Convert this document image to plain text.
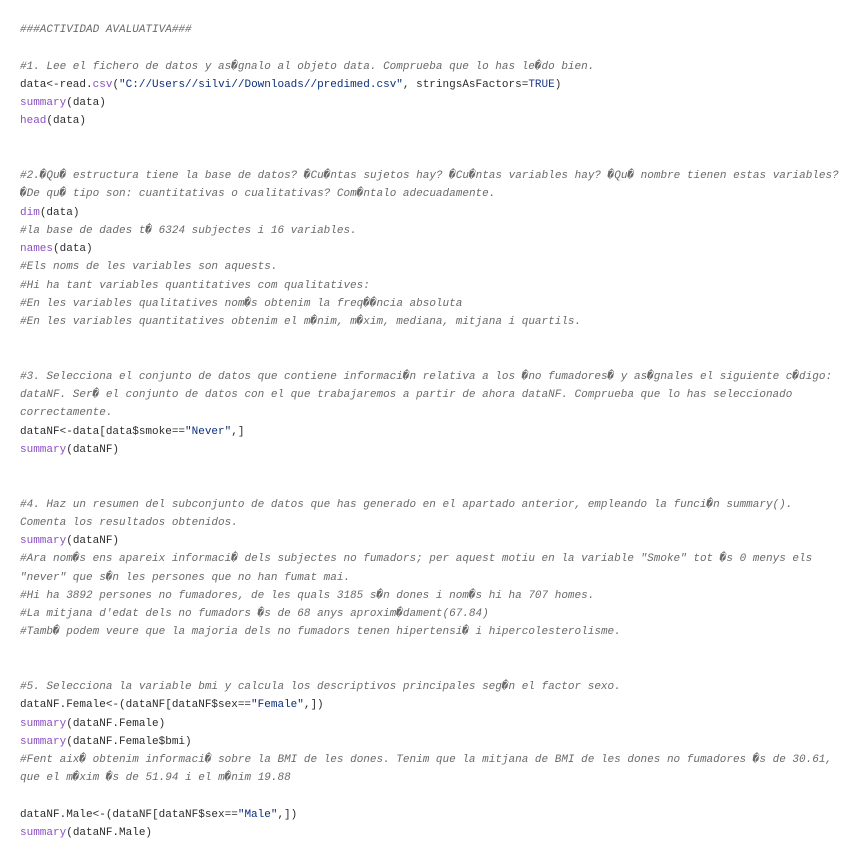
###ACTIVIDAD AVALUATIVA###
#1. Lee el fichero de datos y as�gnalo al objeto data. Comprueba que lo has le�do bien.
data<-read.csv("C://Users//silvi//Downloads//predimed.csv", stringsAsFactors=TRUE)
summary(data)
head(data)
#2.�Qu� estructura tiene la base de datos? �Cu�ntas sujetos hay? �Cu�ntas variables hay? �Qu� nombre tienen estas variables? �De qu� tipo son: cuantitativas o cualitativas? Com�ntalo adecuadamente.
dim(data)
#la base de dades t� 6324 subjectes i 16 variables.
names(data)
#Els noms de les variables son aquests.
#Hi ha tant variables quantitatives com qualitatives:
#En les variables qualitatives nom�s obtenim la freq��ncia absoluta
#En les variables quantitatives obtenim el m�nim, m�xim, mediana, mitjana i quartils.
#3. Selecciona el conjunto de datos que contiene informaci�n relativa a los �no fumadores� y as�gnales el siguiente c�digo: dataNF. Ser� el conjunto de datos con el que trabajaremos a partir de ahora dataNF. Comprueba que lo has seleccionado correctamente.
dataNF<-data[data$smoke=="Never",]
summary(dataNF)
#4. Haz un resumen del subconjunto de datos que has generado en el apartado anterior, empleando la funci�n summary(). Comenta los resultados obtenidos.
summary(dataNF)
#Ara nom�s ens apareix informaci� dels subjectes no fumadors; per aquest motiu en la variable "Smoke" tot �s 0 menys els "never" que s�n les persones que no han fumat mai.
#Hi ha 3892 persones no fumadores, de les quals 3185 s�n dones i nom�s hi ha 707 homes.
#La mitjana d'edat dels no fumadors �s de 68 anys aproxim�dament(67.84)
#Tamb� podem veure que la majoria dels no fumadors tenen hipertensi� i hipercolesterolisme.
#5. Selecciona la variable bmi y calcula los descriptivos principales seg�n el factor sexo.
dataNF.Female<-(dataNF[dataNF$sex=="Female",])
summary(dataNF.Female)
summary(dataNF.Female$bmi)
#Fent aix� obtenim informaci� sobre la BMI de les dones. Tenim que la mitjana de BMI de les dones no fumadores �s de 30.61, que el m�xim �s de 51.94 i el m�nim 19.88
dataNF.Male<-(dataNF[dataNF$sex=="Male",])
summary(dataNF.Male)
